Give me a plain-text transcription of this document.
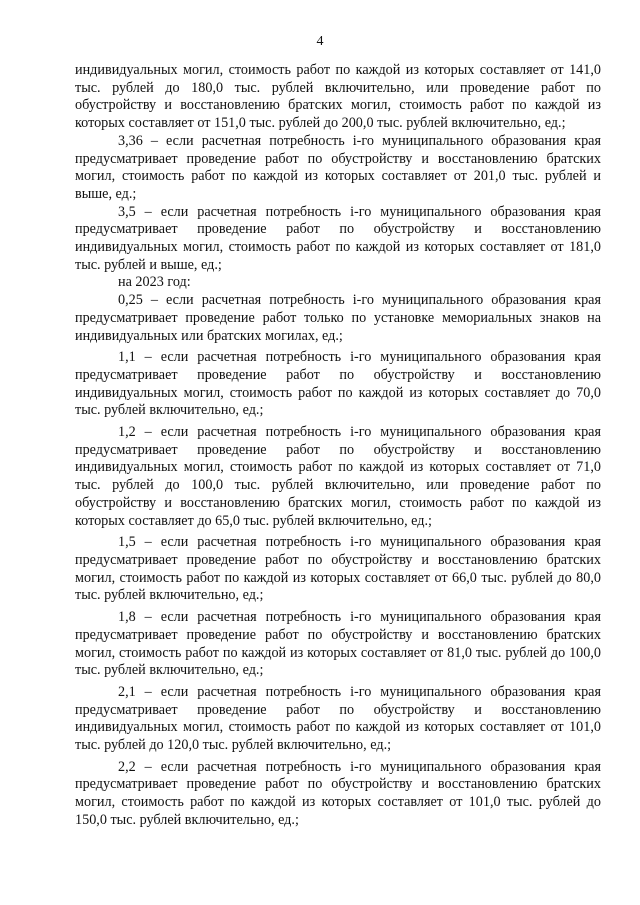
4

индивидуальных могил, стоимость работ по каждой из которых составляет от 141,0 тыс. рублей до 180,0 тыс. рублей включительно, или проведение работ по обустройству и восстановлению братских могил, стоимость работ по каждой из которых составляет от 151,0 тыс. рублей до 200,0 тыс. рублей включительно, ед.;

3,36 – если расчетная потребность i-го муниципального образования края предусматривает проведение работ по обустройству и восстановлению братских могил, стоимость работ по каждой из которых составляет от 201,0 тыс. рублей и выше, ед.;

3,5 – если расчетная потребность i-го муниципального образования края предусматривает проведение работ по обустройству и восстановлению индивидуальных могил, стоимость работ по каждой из которых составляет от 181,0 тыс. рублей и выше, ед.;

на 2023 год:

0,25 – если расчетная потребность i-го муниципального образования края предусматривает проведение работ только по установке мемориальных знаков на индивидуальных или братских могилах, ед.;

1,1 – если расчетная потребность i-го муниципального образования края предусматривает проведение работ по обустройству и восстановлению индивидуальных могил, стоимость работ по каждой из которых составляет до 70,0 тыс. рублей включительно, ед.;

1,2 – если расчетная потребность i-го муниципального образования края предусматривает проведение работ по обустройству и восстановлению индивидуальных могил, стоимость работ по каждой из которых составляет от 71,0 тыс. рублей до 100,0 тыс. рублей включительно, или проведение работ по обустройству и восстановлению братских могил, стоимость работ по каждой из которых составляет до 65,0 тыс. рублей включительно, ед.;

1,5 – если расчетная потребность i-го муниципального образования края предусматривает проведение работ по обустройству и восстановлению братских могил, стоимость работ по каждой из которых составляет от 66,0 тыс. рублей до 80,0 тыс. рублей включительно, ед.;

1,8 – если расчетная потребность i-го муниципального образования края предусматривает проведение работ по обустройству и восстановлению братских могил, стоимость работ по каждой из которых составляет от 81,0 тыс. рублей до 100,0 тыс. рублей включительно, ед.;

2,1 – если расчетная потребность i-го муниципального образования края предусматривает проведение работ по обустройству и восстановлению индивидуальных могил, стоимость работ по каждой из которых составляет от 101,0 тыс. рублей до 120,0 тыс. рублей включительно, ед.;

2,2 – если расчетная потребность i-го муниципального образования края предусматривает проведение работ по обустройству и восстановлению братских могил, стоимость работ по каждой из которых составляет от 101,0 тыс. рублей до 150,0 тыс. рублей включительно, ед.;
